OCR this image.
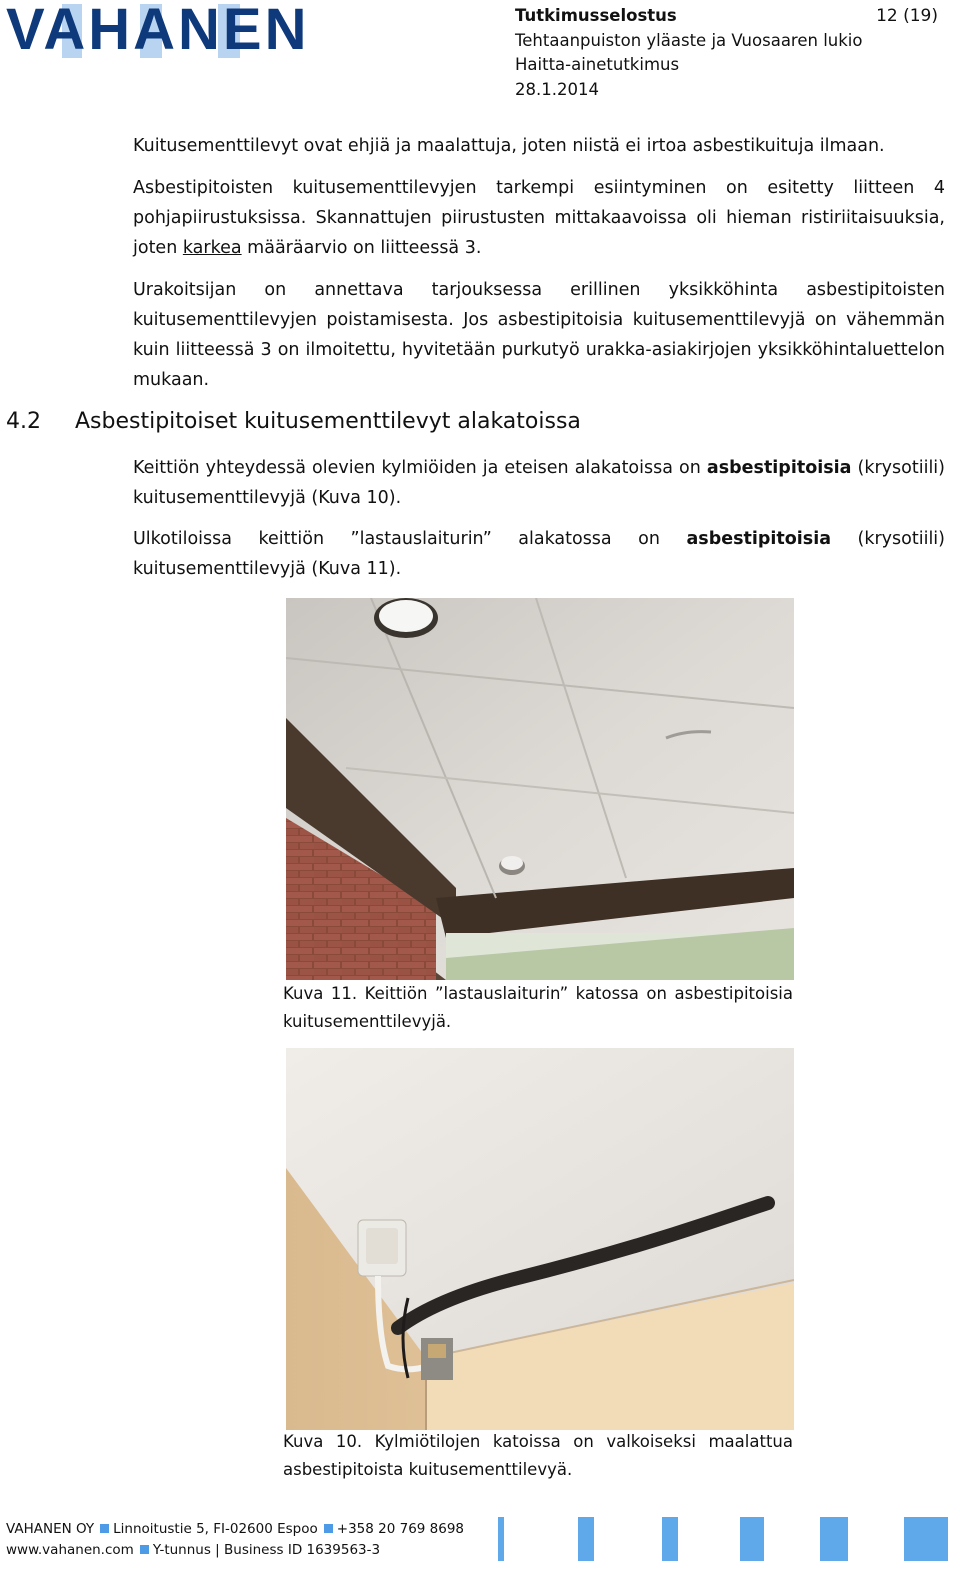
VAHANEN	Tutkimusselostus
Tehtaanpuiston yläaste ja Vuosaaren lukio
Haitta-ainetutkimus
28.1.2014
12 (19)

Kuitusementtilevyt ovat ehjiä ja maalattuja, joten niistä ei irtoa asbestikuituja ilmaan.

Asbestipitoisten kuitusementtilevyjen tarkempi esiintyminen on esitetty liitteen 4 pohjapiirustuksissa. Skannattujen piirustusten mittakaavoissa oli hieman ristiriitaisuuksia, joten karkea määräarvio on liitteessä 3.

Urakoitsijan on annettava tarjouksessa erillinen yksikköhinta asbestipitoisten kuitusementtilevyjen poistamisesta. Jos asbestipitoisia kuitusementtilevyjä on vähemmän kuin liitteessä 3 on ilmoitettu, hyvitetään purkutyö urakka-asiakirjojen yksikköhintaluettelon mukaan.

4.2 Asbestipitoiset kuitusementtilevyt alakatoissa

Keittiön yhteydessä olevien kylmiöiden ja eteisen alakatoissa on asbestipitoisia (krysotiili) kuitusementtilevyjä (Kuva 10).

Ulkotiloissa keittiön ”lastauslaiturin” alakatossa on asbestipitoisia (krysotiili) kuitusementtilevyjä (Kuva 11).

Kuva 11. Keittiön ”lastauslaiturin” katossa on asbestipitoisia kuitusementtilevyjä.
Kuva 10. Kylmiötilojen katoissa on valkoiseksi maalattua asbestipitoista kuitusementtilevyä.
VAHANEN OY Linnoitustie 5, FI-02600 Espoo +358 20 769 8698
www.vahanen.com Y-tunnus | Business ID 1639563-3
